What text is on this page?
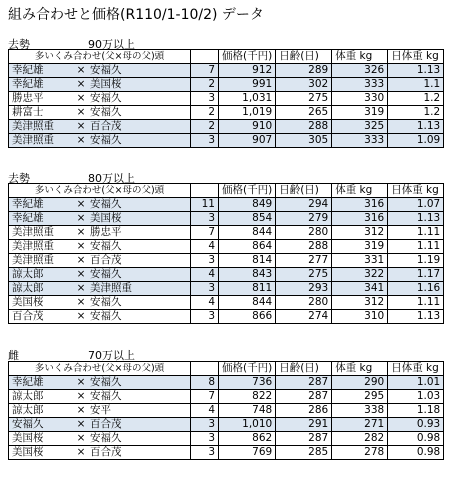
組み合わせと価格(R110/1-10/2) データ
去勢	90万以上
多いくみ合わせ(父×母の父)頭		価格(千円)	日齢(日)	体重 kg	日体重 kg
幸紀雄 × 安福久	7	912	289	326	1.13
幸紀雄 × 美国桜	2	991	302	333	1.1
勝忠平 × 安福久	3	1,031	275	330	1.2
耕富士 × 安福久	2	1,019	265	319	1.2
美津照重 × 百合茂	2	910	288	325	1.13
美津照重 × 安福久	3	907	305	333	1.09
去勢	80万以上
多いくみ合わせ(父×母の父)頭		価格(千円)	日齢(日)	体重 kg	日体重 kg
幸紀雄 × 安福久	11	849	294	316	1.07
幸紀雄 × 美国桜	3	854	279	316	1.13
美津照重 × 勝忠平	7	844	280	312	1.11
美津照重 × 安福久	4	864	288	319	1.11
美津照重 × 百合茂	3	814	277	331	1.19
諒太郎 × 安福久	4	843	275	322	1.17
諒太郎 × 美津照重	3	811	293	341	1.16
美国桜 × 安福久	4	844	280	312	1.11
百合茂 × 安福久	3	866	274	310	1.13
雌	70万以上
多いくみ合わせ(父×母の父)頭		価格(千円)	日齢(日)	体重 kg	日体重 kg
幸紀雄 × 安福久	8	736	287	290	1.01
諒太郎 × 安福久	7	822	287	295	1.03
諒太郎 × 安平	4	748	286	338	1.18
安福久 × 百合茂	3	1,010	291	271	0.93
美国桜 × 安福久	3	862	287	282	0.98
美国桜 × 百合茂	3	769	285	278	0.98
